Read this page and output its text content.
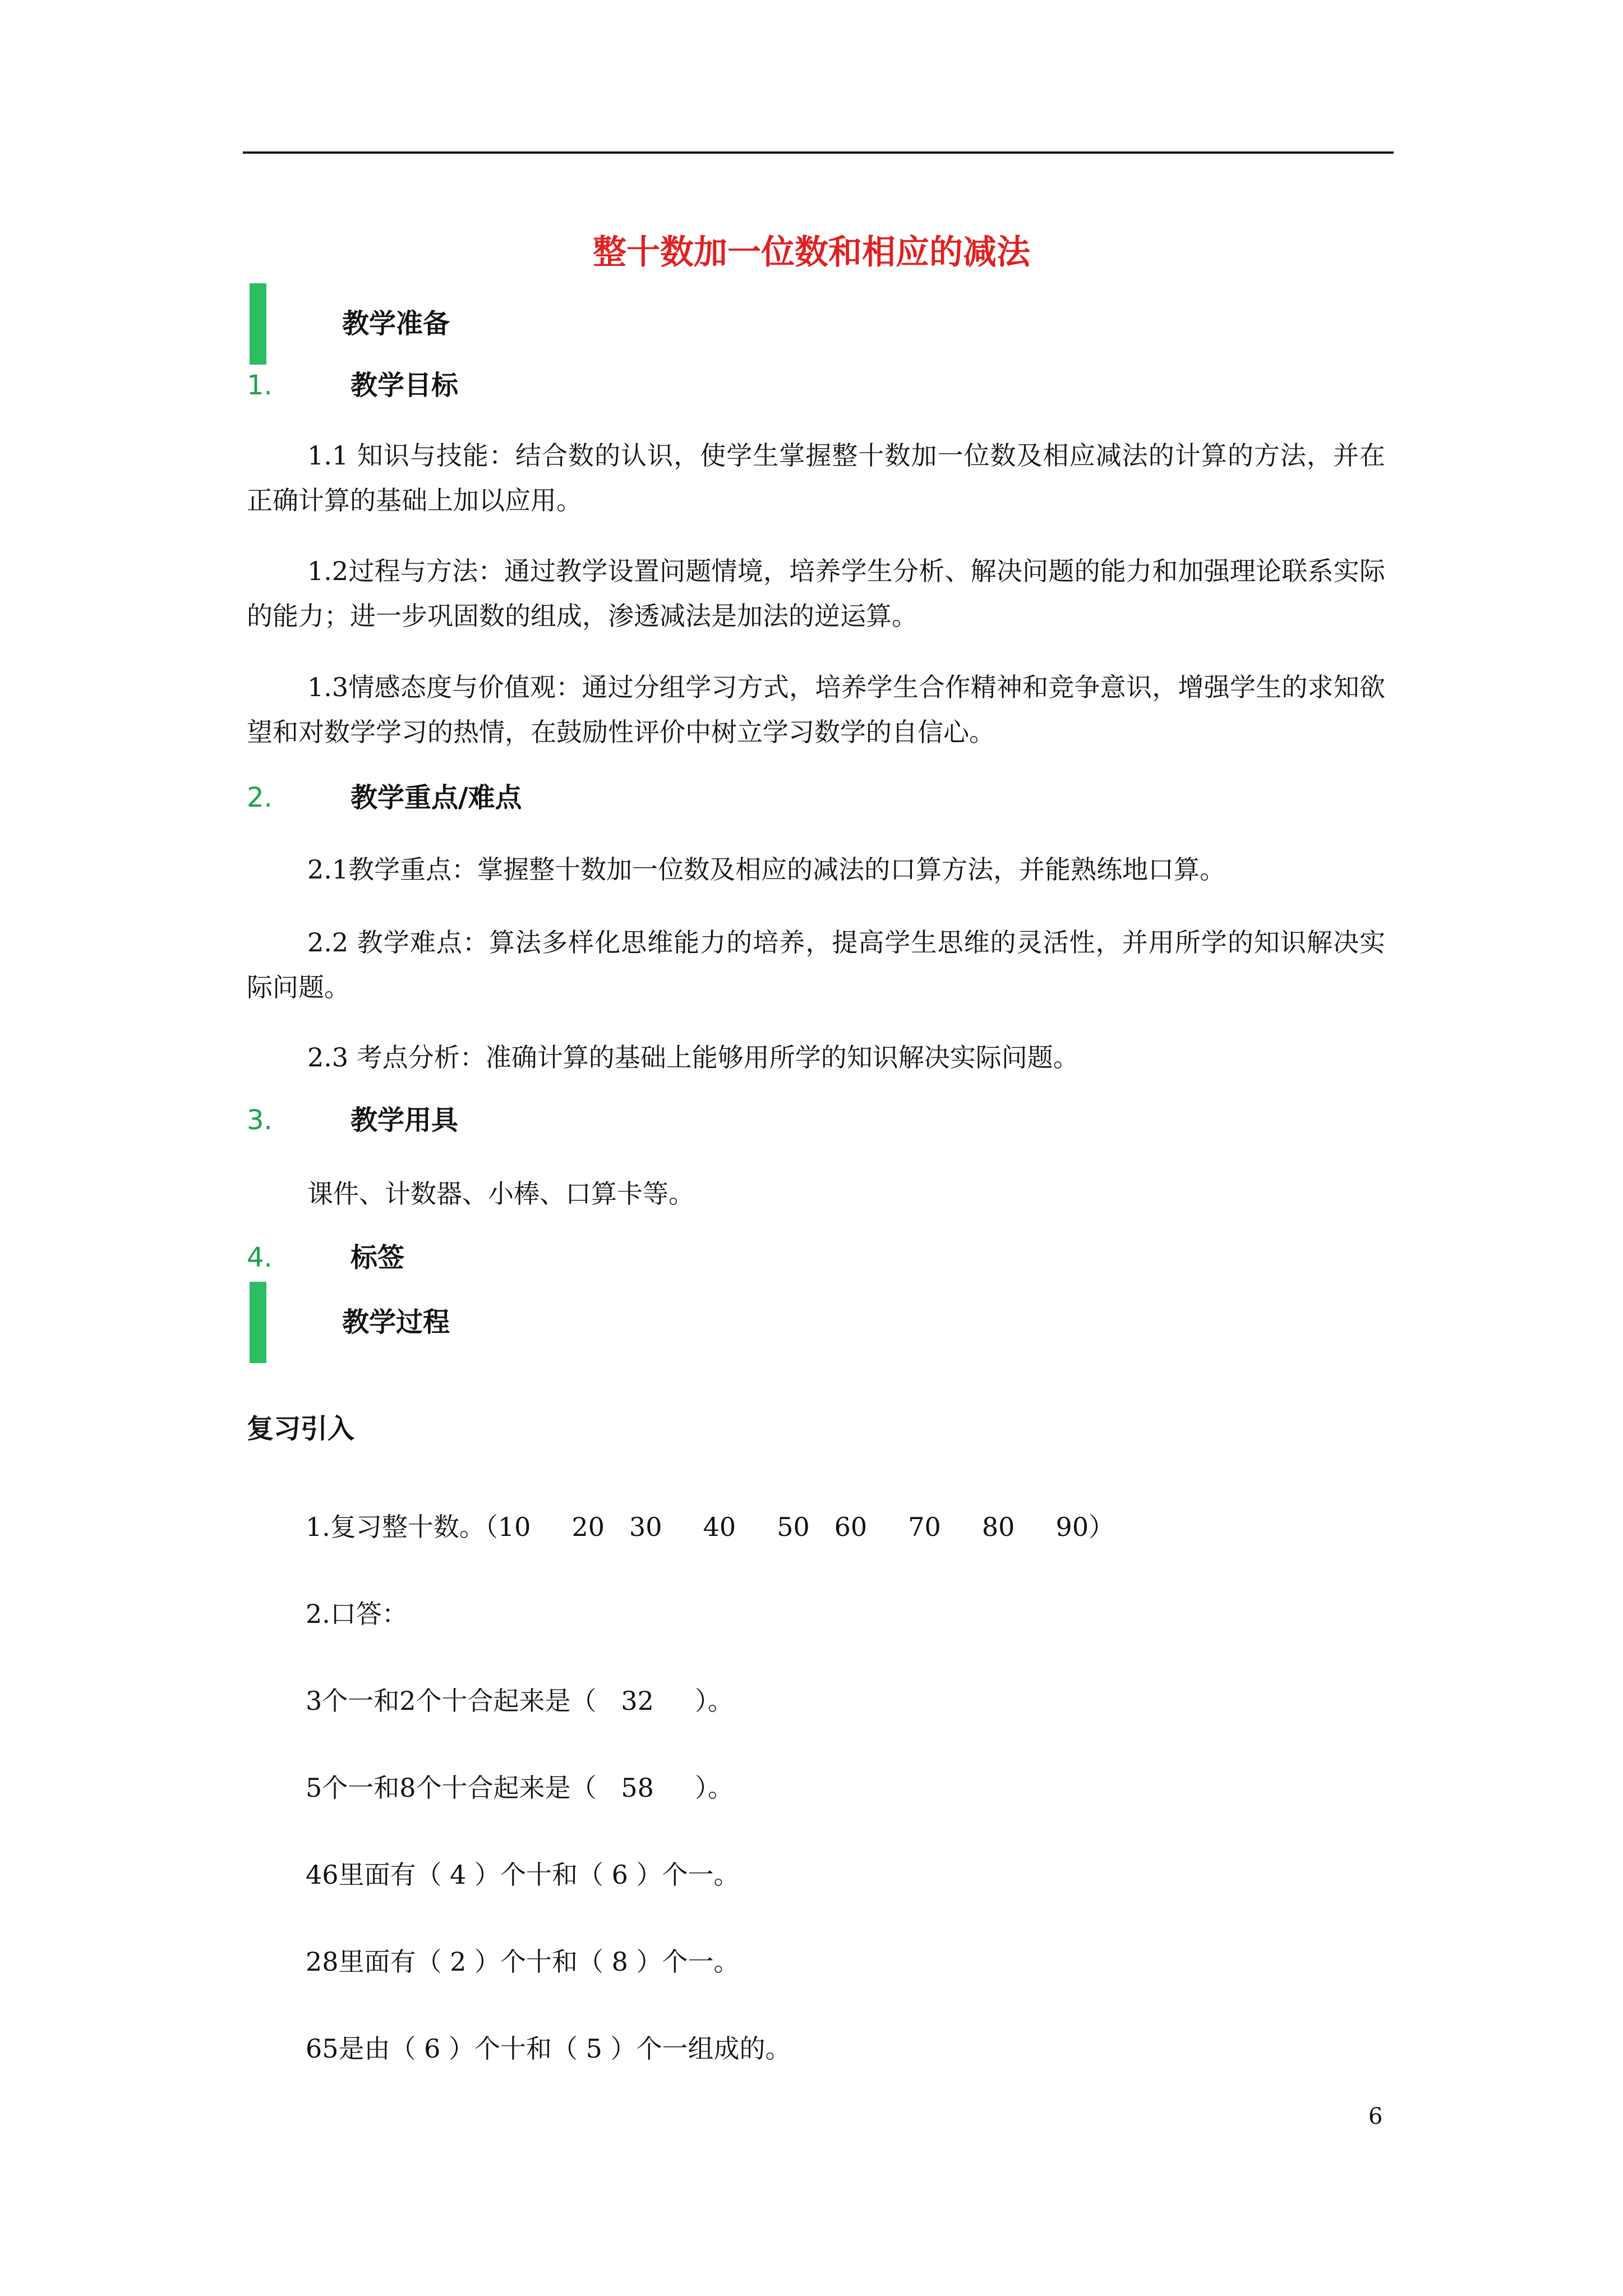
整十数加一位数和相应的减法
教学准备
1.	教学目标
1.1 知识与技能：结合数的认识，使学生掌握整十数加一位数及相应减法的计算的方法，并在正确计算的基础上加以应用。
1.2过程与方法：通过教学设置问题情境，培养学生分析、解决问题的能力和加强理论联系实际的能力；进一步巩固数的组成，渗透减法是加法的逆运算。
1.3情感态度与价值观：通过分组学习方式，培养学生合作精神和竞争意识，增强学生的求知欲望和对数学学习的热情，在鼓励性评价中树立学习数学的自信心。
2.	教学重点/难点
2.1教学重点：掌握整十数加一位数及相应的减法的口算方法，并能熟练地口算。
2.2 教学难点：算法多样化思维能力的培养，提高学生思维的灵活性，并用所学的知识解决实际问题。
2.3 考点分析：准确计算的基础上能够用所学的知识解决实际问题。
3.	教学用具
课件、计数器、小棒、口算卡等。
4.	标签
教学过程
复习引入
1.复习整十数。（10     20   30     40     50   60     70     80     90）
2.口答：
3个一和2个十合起来是（   32     ）。
5个一和8个十合起来是（   58     ）。
46里面有（ 4 ）个十和（ 6 ）个一。
28里面有（ 2 ）个十和（ 8 ）个一。
65是由（ 6 ）个十和（ 5 ）个一组成的。
6
